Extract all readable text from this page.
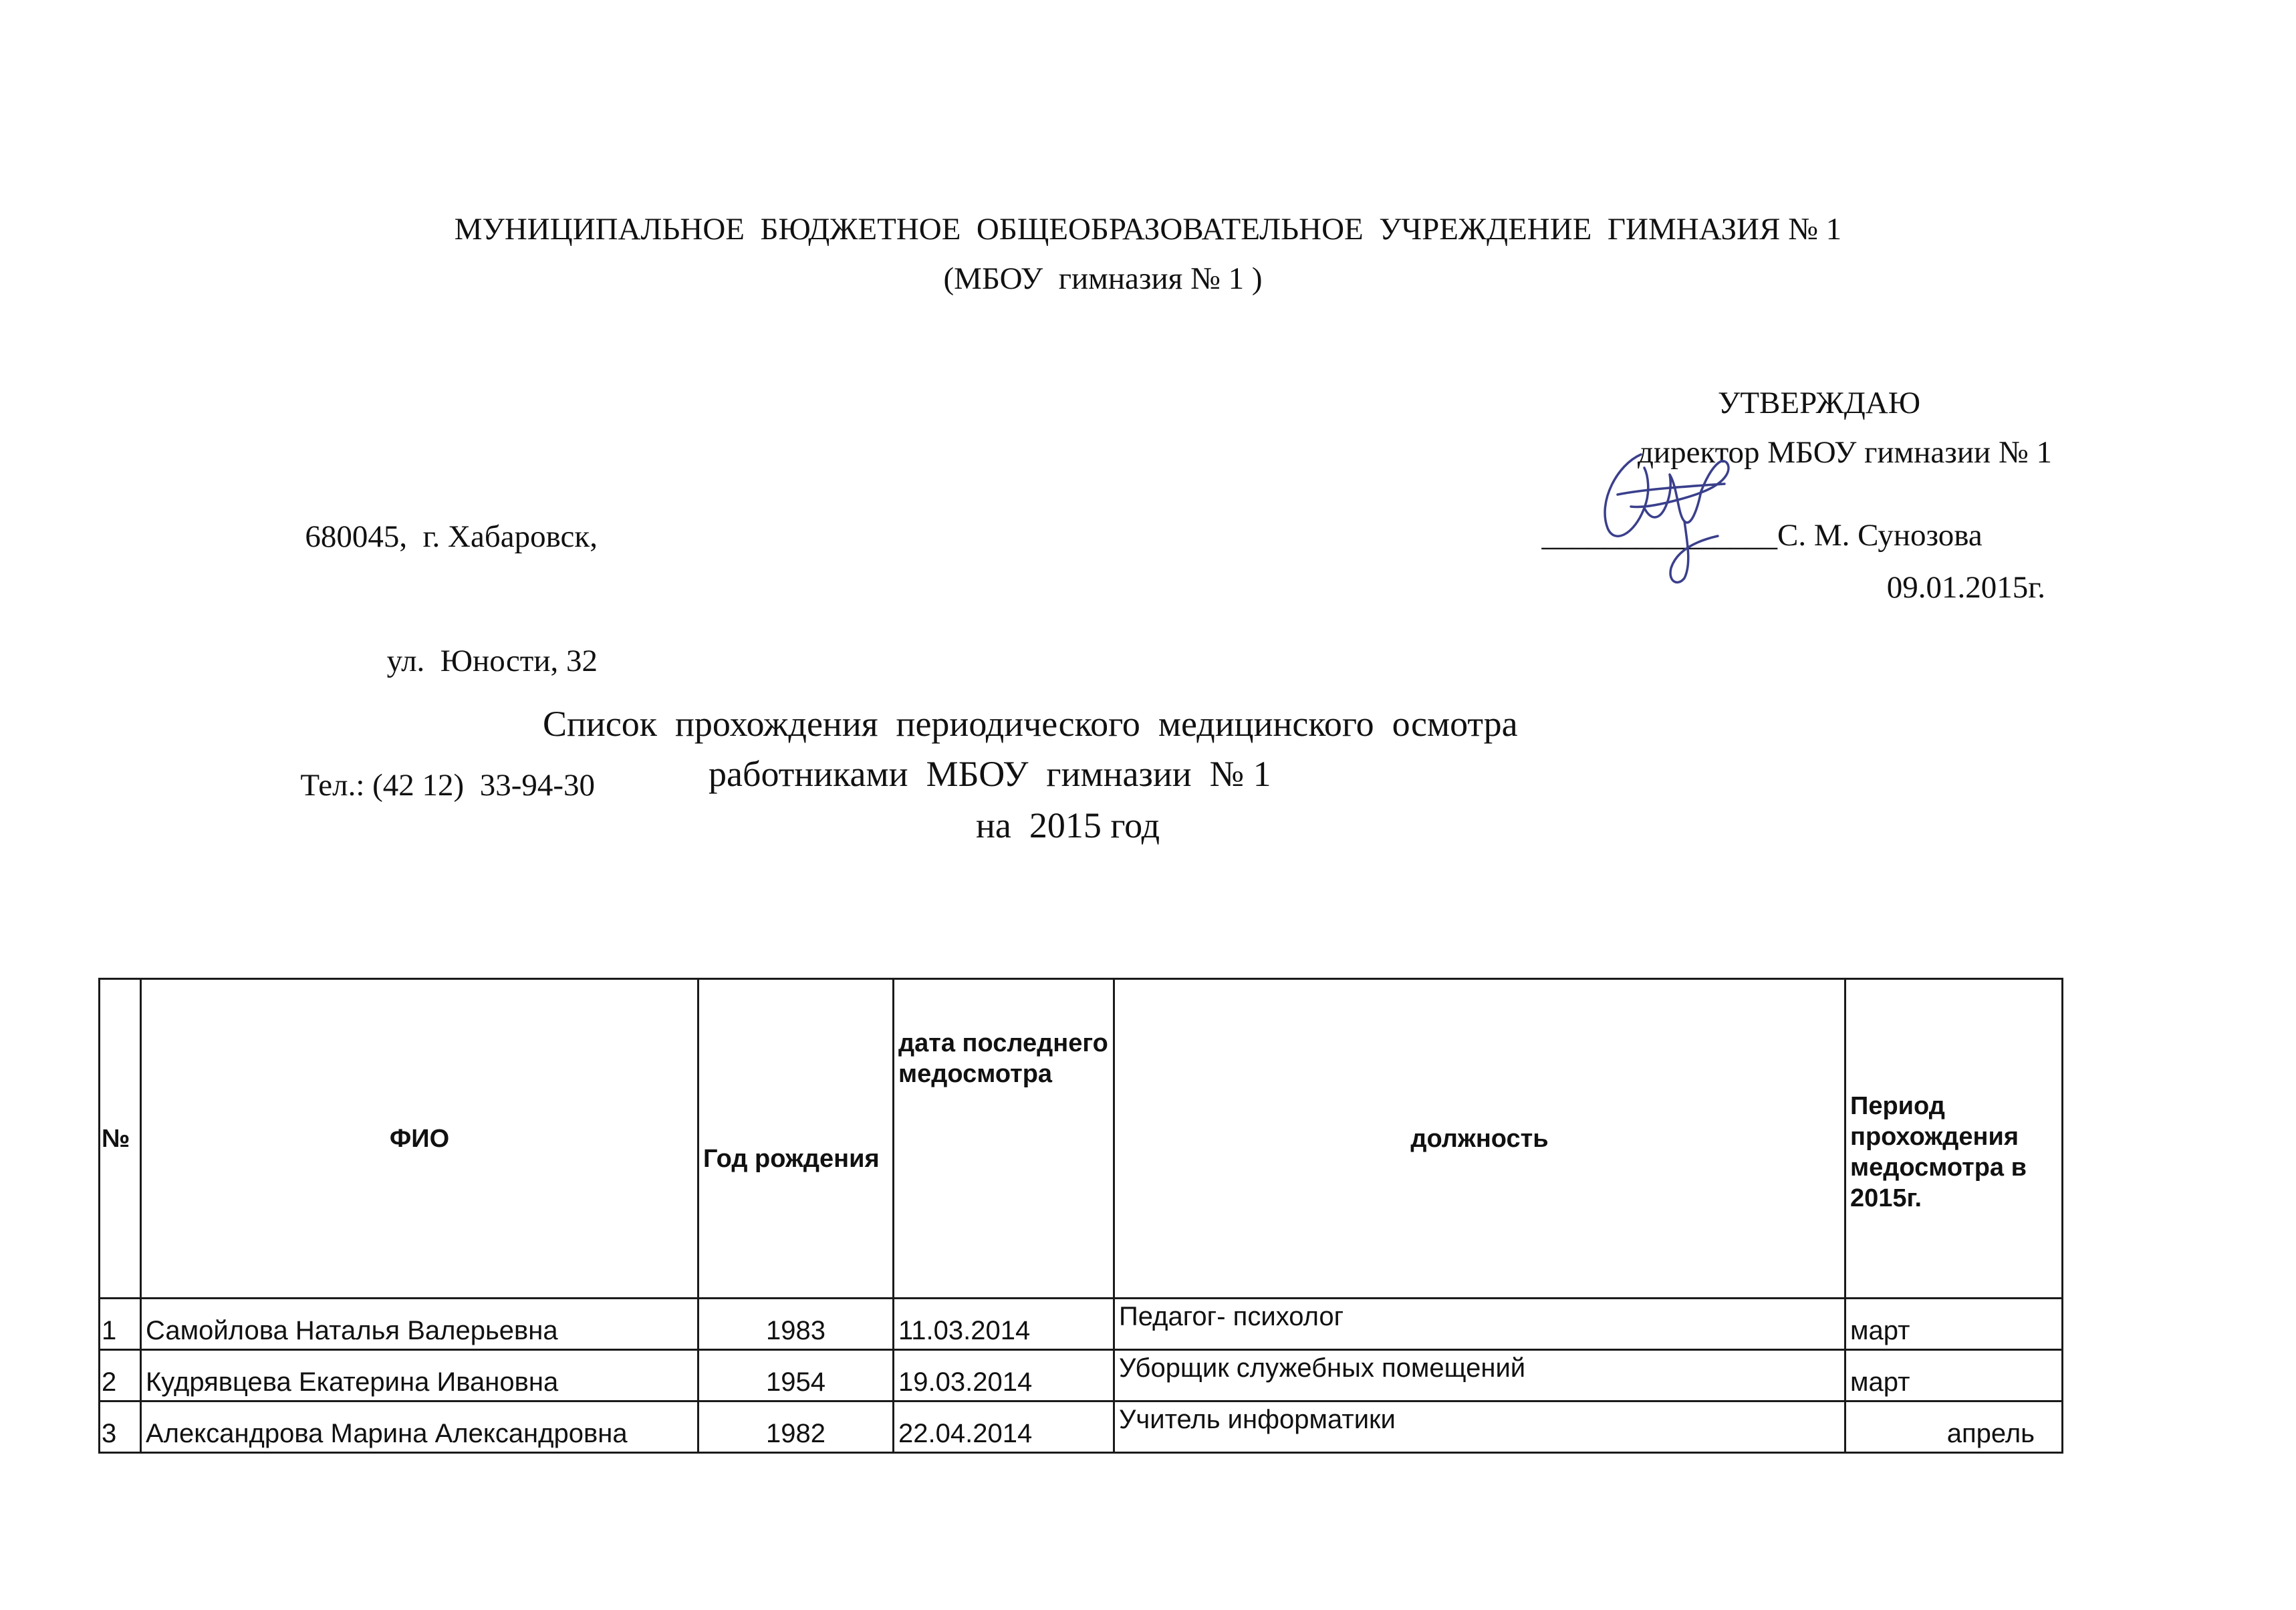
МУНИЦИПАЛЬНОЕ  БЮДЖЕТНОЕ  ОБЩЕОБРАЗОВАТЕЛЬНОЕ  УЧРЕЖДЕНИЕ  ГИМНАЗИЯ № 1
(МБОУ  гимназия № 1 )

680045,  г. Хабаровск,

ул.  Юности, 32

Тел.: (42 12)  33-94-30

УТВЕРЖДАЮ
директор МБОУ гимназии № 1

_______________С. М. Сунозова

09.01.2015г.
Список  прохождения  периодического  медицинского  осмотра
работниками  МБОУ  гимназии  № 1
на  2015 год
№	ФИО	Год рождения	дата последнего медосмотра	должность	Период прохождения медосмотра в 2015г.
1	Самойлова Наталья Валерьевна	1983	11.03.2014	Педагог- психолог	март
2	Кудрявцева Екатерина Ивановна	1954	19.03.2014	Уборщик служебных помещений	март
3	Александрова Марина Александровна	1982	22.04.2014	Учитель информатики	апрель
